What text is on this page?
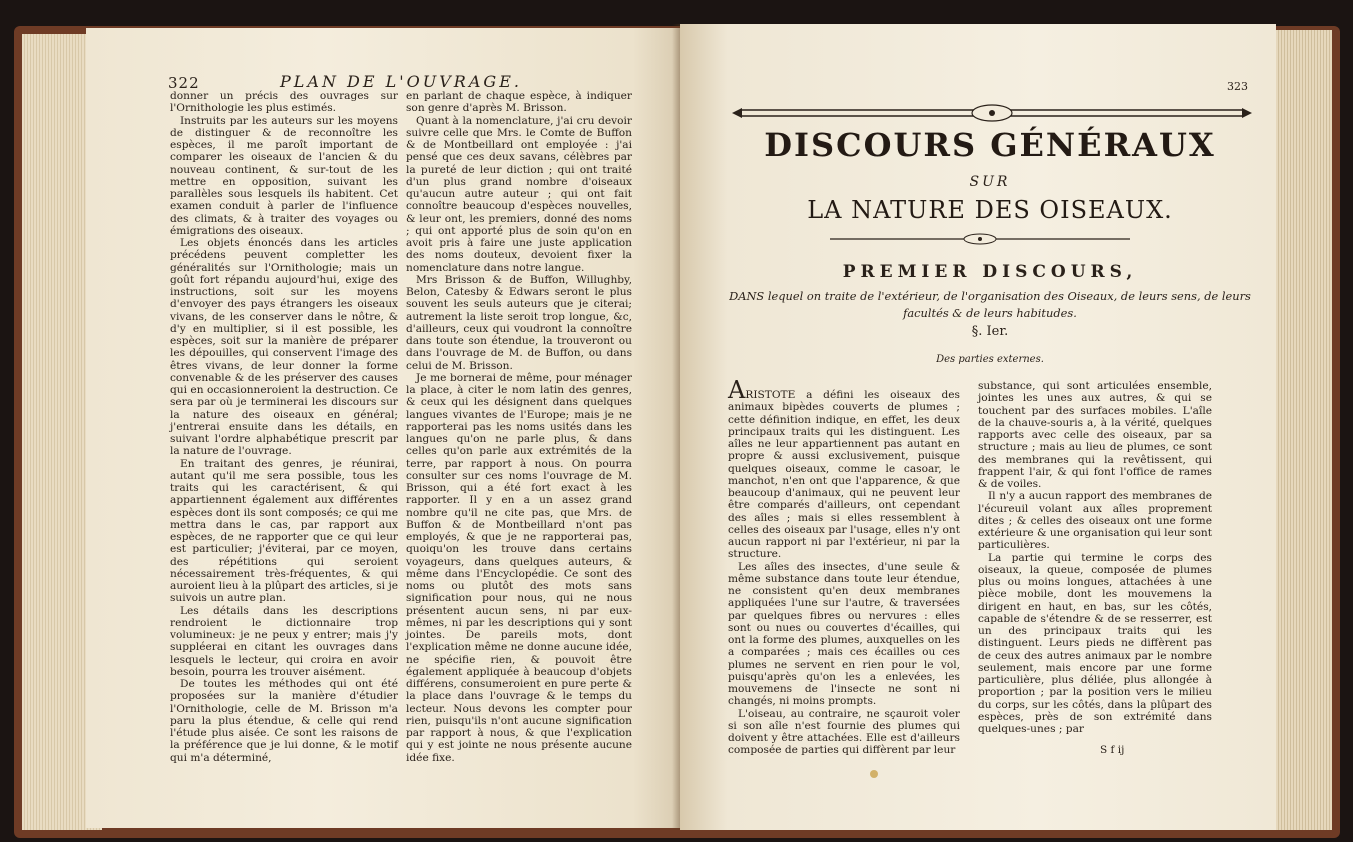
322	PLAN DE L'OUVRAGE.

donner un précis des ouvrages sur l'Ornithologie les plus estimés.

Instruits par les auteurs sur les moyens de distinguer & de reconnoître les espèces, il me paroît important de comparer les oiseaux de l'ancien & du nouveau continent, & sur-tout de les mettre en opposition, suivant les parallèles sous lesquels ils habitent. Cet examen conduit à parler de l'influence des climats, & à traiter des voyages ou émigrations des oiseaux.

Les objets énoncés dans les articles précédens peuvent completter les généralités sur l'Ornithologie; mais un goût fort répandu aujourd'hui, exige des instructions, soit sur les moyens d'envoyer des pays étrangers les oiseaux vivans, de les conserver dans le nôtre, & d'y en multiplier, si il est possible, les espèces, soit sur la manière de préparer les dépouilles, qui conservent l'image des êtres vivans, de leur donner la forme convenable & de les préserver des causes qui en occasionneroient la destruction. Ce sera par où je terminerai les discours sur la nature des oiseaux en général; j'entrerai ensuite dans les détails, en suivant l'ordre alphabétique prescrit par la nature de l'ouvrage.

En traitant des genres, je réunirai, autant qu'il me sera possible, tous les traits qui les caractérisent, & qui appartiennent également aux différentes espèces dont ils sont composés; ce qui me mettra dans le cas, par rapport aux espèces, de ne rapporter que ce qui leur est particulier; j'éviterai, par ce moyen, des répétitions qui seroient nécessairement très-fréquentes, & qui auroient lieu à la plûpart des articles, si je suivois un autre plan.

Les détails dans les descriptions rendroient le dictionnaire trop volumineux: je ne peux y entrer; mais j'y suppléerai en citant les ouvrages dans lesquels le lecteur, qui croira en avoir besoin, pourra les trouver aisément.

De toutes les méthodes qui ont été proposées sur la manière d'étudier l'Ornithologie, celle de M. Brisson m'a paru la plus étendue, & celle qui rend l'étude plus aisée. Ce sont les raisons de la préférence que je lui donne, & le motif qui m'a déterminé,

en parlant de chaque espèce, à indiquer son genre d'après M. Brisson.

Quant à la nomenclature, j'ai cru devoir suivre celle que Mrs. le Comte de Buffon & de Montbeillard ont employée : j'ai pensé que ces deux savans, célèbres par la pureté de leur diction ; qui ont traité d'un plus grand nombre d'oiseaux qu'aucun autre auteur ; qui ont fait connoître beaucoup d'espèces nouvelles, & leur ont, les premiers, donné des noms ; qui ont apporté plus de soin qu'on en avoit pris à faire une juste application des noms douteux, devoient fixer la nomenclature dans notre langue.

Mrs Brisson & de Buffon, Willughby, Belon, Catesby & Edwars seront le plus souvent les seuls auteurs que je citerai; autrement la liste seroit trop longue, &c, d'ailleurs, ceux qui voudront la connoître dans toute son étendue, la trouveront ou dans l'ouvrage de M. de Buffon, ou dans celui de M. Brisson.

Je me bornerai de même, pour ménager la place, à citer le nom latin des genres, & ceux qui les désignent dans quelques langues vivantes de l'Europe; mais je ne rapporterai pas les noms usités dans les langues qu'on ne parle plus, & dans celles qu'on parle aux extrémités de la terre, par rapport à nous. On pourra consulter sur ces noms l'ouvrage de M. Brisson, qui a été fort exact à les rapporter. Il y en a un assez grand nombre qu'il ne cite pas, que Mrs. de Buffon & de Montbeillard n'ont pas employés, & que je ne rapporterai pas, quoiqu'on les trouve dans certains voyageurs, dans quelques auteurs, & même dans l'Encyclopédie. Ce sont des noms ou plutôt des mots sans signification pour nous, qui ne nous présentent aucun sens, ni par eux-mêmes, ni par les descriptions qui y sont jointes. De pareils mots, dont l'explication même ne donne aucune idée, ne spécifie rien, & pouvoit être également appliquée à beaucoup d'objets différens, consumeroient en pure perte & la place dans l'ouvrage & le temps du lecteur. Nous devons les compter pour rien, puisqu'ils n'ont aucune signification par rapport à nous, & que l'explication qui y est jointe ne nous présente aucune idée fixe.

323
DISCOURS GÉNÉRAUX
SUR
LA NATURE DES OISEAUX.
PREMIER DISCOURS,
DANS lequel on traite de l'extérieur, de l'organisation des Oiseaux, de leurs sens, de leurs facultés & de leurs habitudes.
§. Ier.
Des parties externes.

ARISTOTE a défini les oiseaux des animaux bipèdes couverts de plumes ; cette définition indique, en effet, les deux principaux traits qui les distinguent. Les aîles ne leur appartiennent pas autant en propre & aussi exclusivement, puisque quelques oiseaux, comme le casoar, le manchot, n'en ont que l'apparence, & que beaucoup d'animaux, qui ne peuvent leur être comparés d'ailleurs, ont cependant des aîles ; mais si elles ressemblent à celles des oiseaux par l'usage, elles n'y ont aucun rapport ni par l'extérieur, ni par la structure.

Les aîles des insectes, d'une seule & même substance dans toute leur étendue, ne consistent qu'en deux membranes appliquées l'une sur l'autre, & traversées par quelques fibres ou nervures : elles sont ou nues ou couvertes d'écailles, qui ont la forme des plumes, auxquelles on les a comparées ; mais ces écailles ou ces plumes ne servent en rien pour le vol, puisqu'après qu'on les a enlevées, les mouvemens de l'insecte ne sont ni changés, ni moins prompts.

L'oiseau, au contraire, ne sçauroit voler si son aîle n'est fournie des plumes qui doivent y être attachées. Elle est d'ailleurs composée de parties qui diffèrent par leur

substance, qui sont articulées ensemble, jointes les unes aux autres, & qui se touchent par des surfaces mobiles. L'aîle de la chauve-souris a, à la vérité, quelques rapports avec celle des oiseaux, par sa structure ; mais au lieu de plumes, ce sont des membranes qui la revêtissent, qui frappent l'air, & qui font l'office de rames & de voiles.

Il n'y a aucun rapport des membranes de l'écureuil volant aux aîles proprement dites ; & celles des oiseaux ont une forme extérieure & une organisation qui leur sont particulières.

La partie qui termine le corps des oiseaux, la queue, composée de plumes plus ou moins longues, attachées à une pièce mobile, dont les mouvemens la dirigent en haut, en bas, sur les côtés, capable de s'étendre & de se resserrer, est un des principaux traits qui les distinguent. Leurs pieds ne diffèrent pas de ceux des autres animaux par le nombre seulement, mais encore par une forme particulière, plus déliée, plus allongée à proportion ; par la position vers le milieu du corps, sur les côtés, dans la plûpart des espèces, près de son extrémité dans quelques-unes ; par

S f ij
